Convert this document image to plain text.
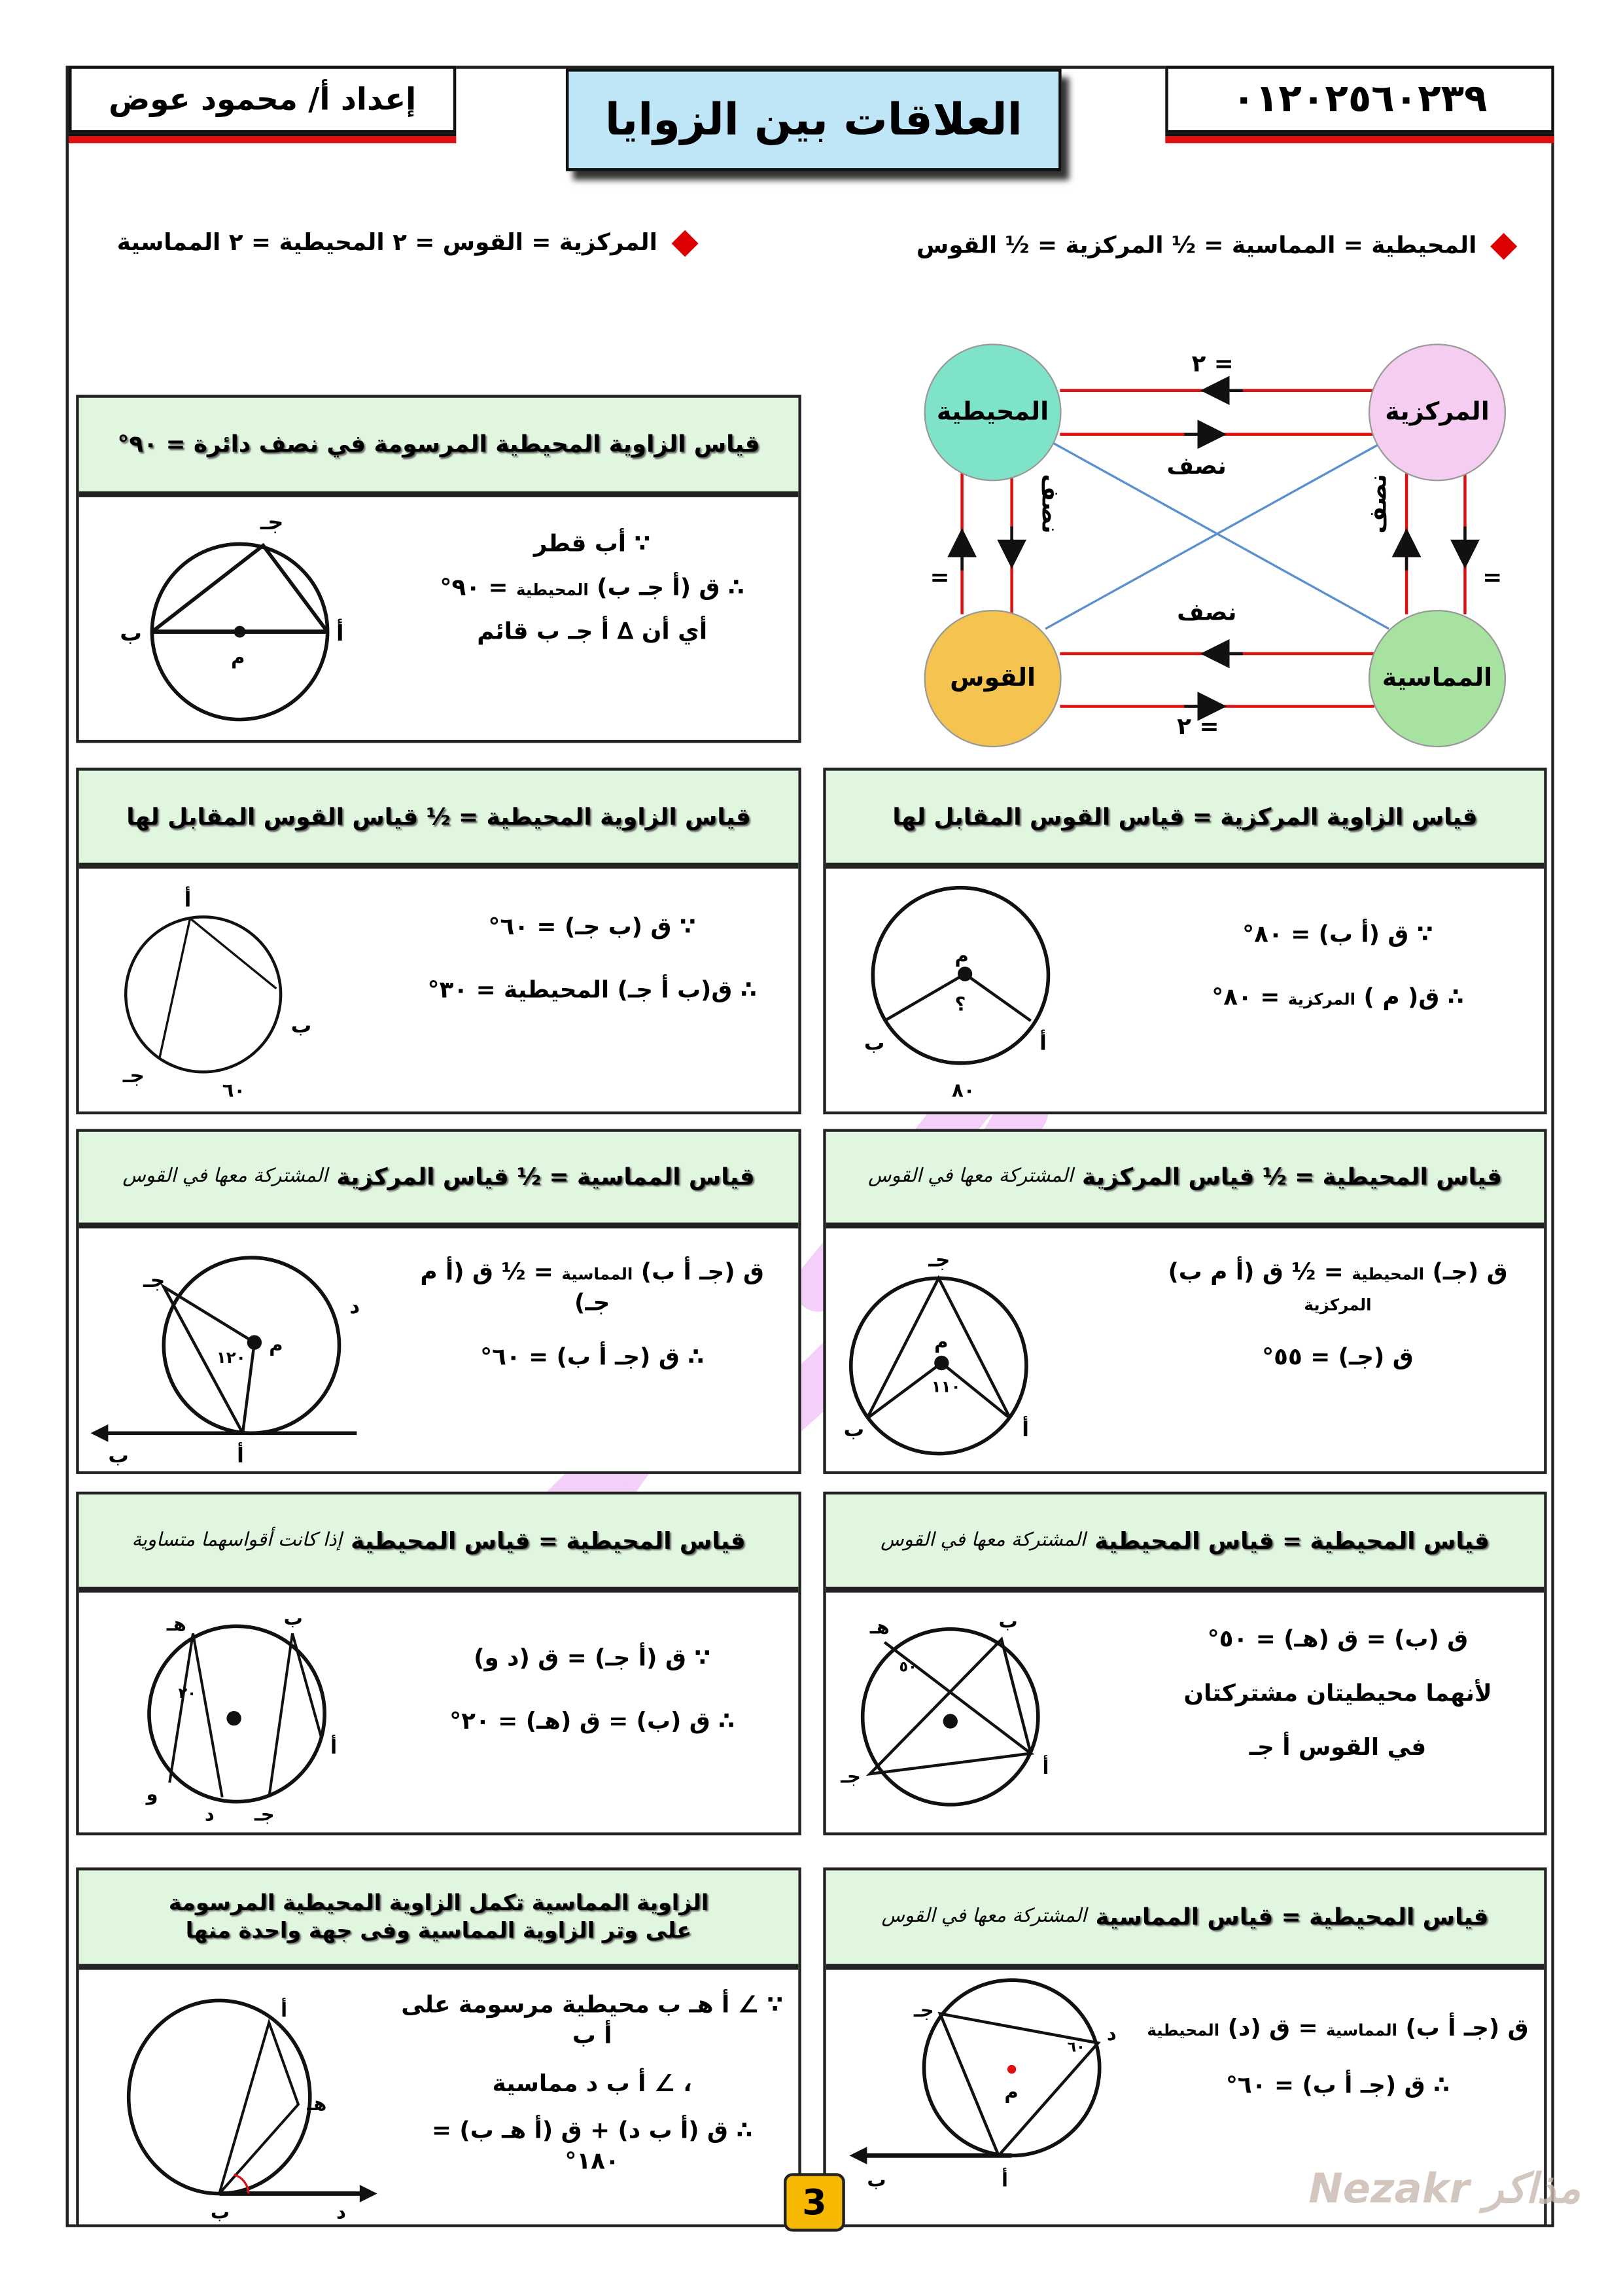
إعداد أ/ محمود عوض	العلاقات بين الزوايا	٠١٢٠٢٥٦٠٢٣٩
المحيطية = المماسية = ½ المركزية = ½ القوس
المركزية = القوس = ٢ المحيطية = ٢ المماسية
المركزية
المحيطية
القوس	المماسية
= ٢
نصف
نصف
= ٢
نصف	نصف
=	=
قياس الزاوية المحيطية المرسومة في نصف دائرة = ٩٠°
جـ
ب	أ
م
∵ أب قطر
∴ ق (أ جـ ب) المحيطية = ٩٠°
أي أن ∆ أ جـ ب قائم
قياس الزاوية المحيطية = ½ قياس القوس المقابل لها
أ
ب
جـ
٦٠
∵ ق (ب جـ) = ٦٠°
∴ ق(ب أ جـ) المحيطية = ٣٠°
قياس الزاوية المركزية = قياس القوس المقابل لها
م
؟
ب	أ
٨٠
∵ ق (أ ب) = ٨٠°
∴ ق( م ) المركزية = ٨٠°
قياس المماسية = ½ قياس المركزية
المشتركة معها في القوس
جـ
د
م
١٢٠
أ
ب
ق (جـ أ ب) المماسية = ½ ق (أ م جـ)
∴ ق (جـ أ ب) = ٦٠°
قياس المحيطية = ½ قياس المركزية
المشتركة معها في القوس
جـ
م
١١٠
ب	أ
ق (جـ) المحيطية = ½ ق (أ م ب) المركزية
ق (جـ) = ٥٥°
قياس المحيطية = قياس المحيطية
إذا كانت أقواسهما متساوية
هـ	ب
٢٠
أ
و
د	جـ
∵ ق (أ جـ) = ق (د و)
∴ ق (ب) = ق (هـ) = ٢٠°
قياس المحيطية = قياس المحيطية
المشتركة معها في القوس
هـ	ب
٥٠
جـ	أ
ق (ب) = ق (هـ) = ٥٠°
لأنهما محيطيتان مشتركتان
في القوس أ جـ
الزاوية المماسية تكمل الزاوية المحيطية المرسومة
على وتر الزاوية المماسية وفى جهة واحدة منها
أ
هـ
ب	د
∵ ∠ أ هـ ب محيطية مرسومة على أ ب
، ∠ أ ب د مماسية
∴ ق (أ ب د) + ق (أ هـ ب) = ١٨٠°
قياس المحيطية = قياس المماسية
المشتركة معها في القوس
جـ
د
٦٠
م
أ
ب
ق (جـ أ ب) المماسية = ق (د) المحيطية
∴ ق (جـ أ ب) = ٦٠°
3	Nezakr مذاكر
